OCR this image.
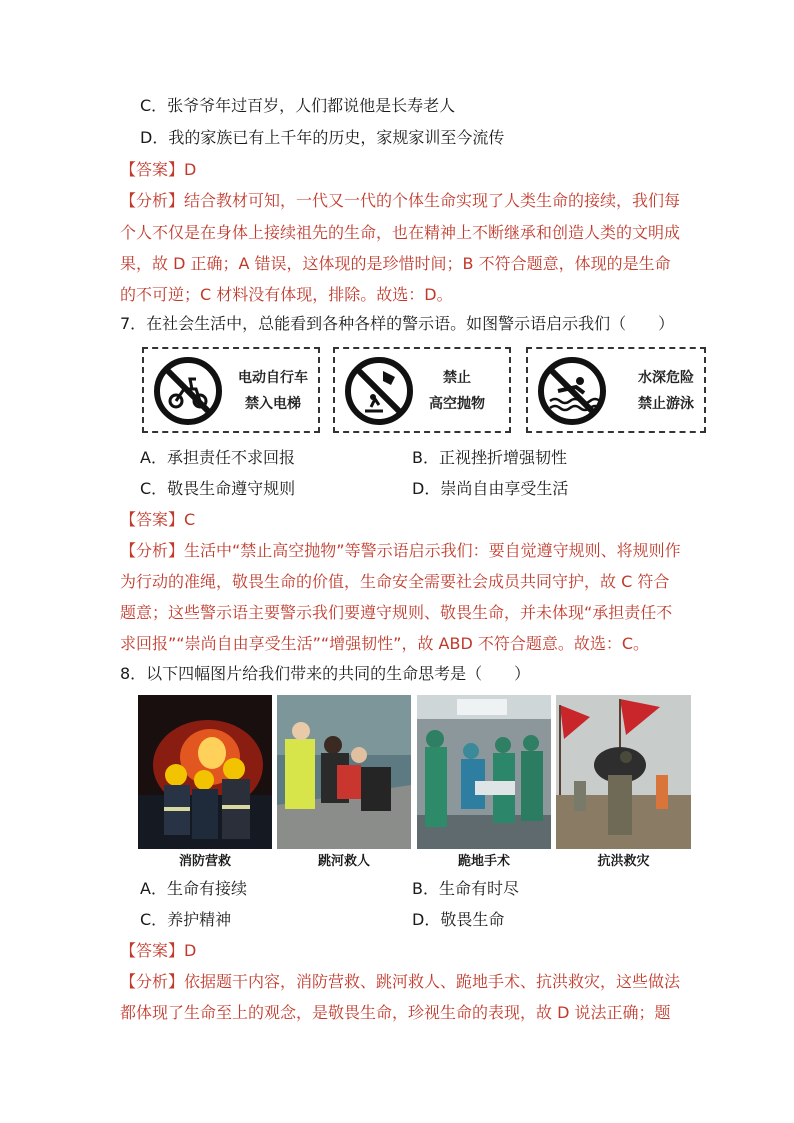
C．张爷爷年过百岁，人们都说他是长寿老人
D．我的家族已有上千年的历史，家规家训至今流传
【答案】D
【分析】结合教材可知，一代又一代的个体生命实现了人类生命的接续，我们每
个人不仅是在身体上接续祖先的生命，也在精神上不断继承和创造人类的文明成
果，故 D 正确；A 错误，这体现的是珍惜时间；B 不符合题意，体现的是生命
的不可逆；C 材料没有体现，排除。故选：D。
7．在社会生活中，总能看到各种各样的警示语。如图警示语启示我们（　　）
电动自行车
禁入电梯
禁止
高空抛物
水深危险
禁止游泳
A．承担责任不求回报	B．正视挫折增强韧性
C．敬畏生命遵守规则	D．崇尚自由享受生活
【答案】C
【分析】生活中“禁止高空抛物”等警示语启示我们：要自觉遵守规则、将规则作
为行动的准绳，敬畏生命的价值，生命安全需要社会成员共同守护，故 C 符合
题意；这些警示语主要警示我们要遵守规则、敬畏生命，并未体现“承担责任不
求回报”“崇尚自由享受生活”“增强韧性”，故 ABD 不符合题意。故选：C。
8．以下四幅图片给我们带来的共同的生命思考是（　　）
消防营救	跳河救人	跪地手术	抗洪救灾
A．生命有接续	B．生命有时尽
C．养护精神	D．敬畏生命
【答案】D
【分析】依据题干内容，消防营救、跳河救人、跪地手术、抗洪救灾，这些做法
都体现了生命至上的观念，是敬畏生命，珍视生命的表现，故 D 说法正确；题
